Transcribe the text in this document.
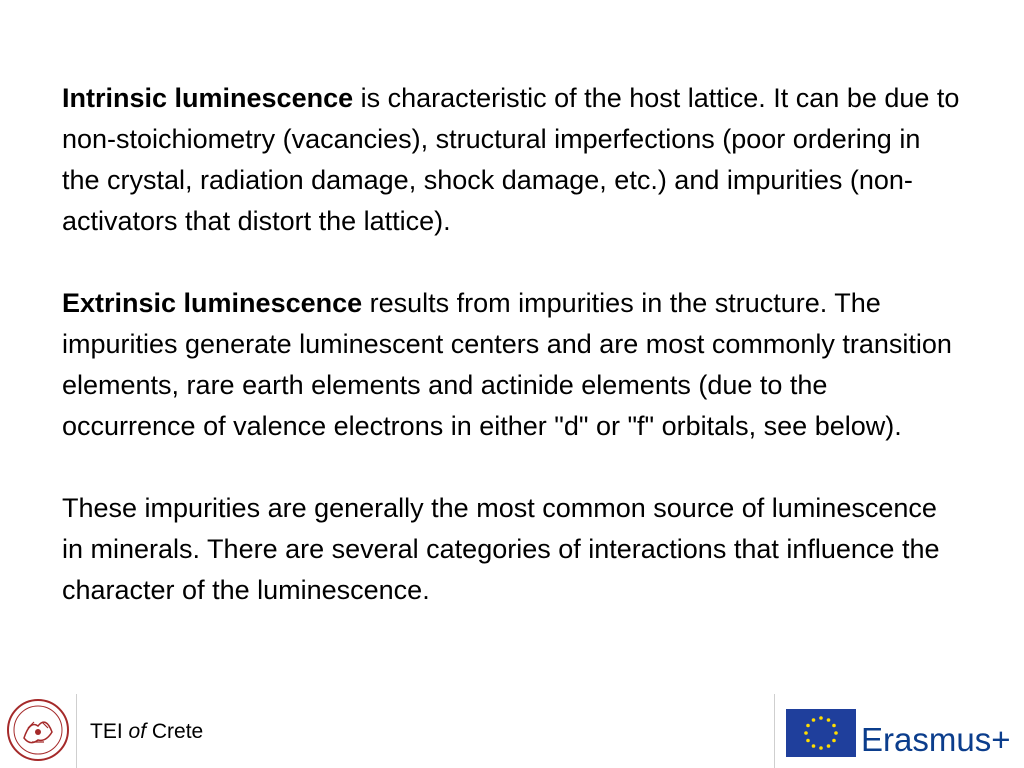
Intrinsic luminescence is characteristic of the host lattice. It can be due to non-stoichiometry (vacancies), structural imperfections (poor ordering in the crystal, radiation damage, shock damage, etc.) and impurities (non-activators that distort the lattice).

Extrinsic luminescence results from impurities in the structure. The impurities generate luminescent centers and are most commonly transition elements, rare earth elements and actinide elements (due to the occurrence of valence electrons in either "d" or "f" orbitals, see below).

These impurities are generally the most common source of luminescence in minerals. There are several categories of interactions that influence the character of the luminescence.

TEI of Crete	Erasmus+
